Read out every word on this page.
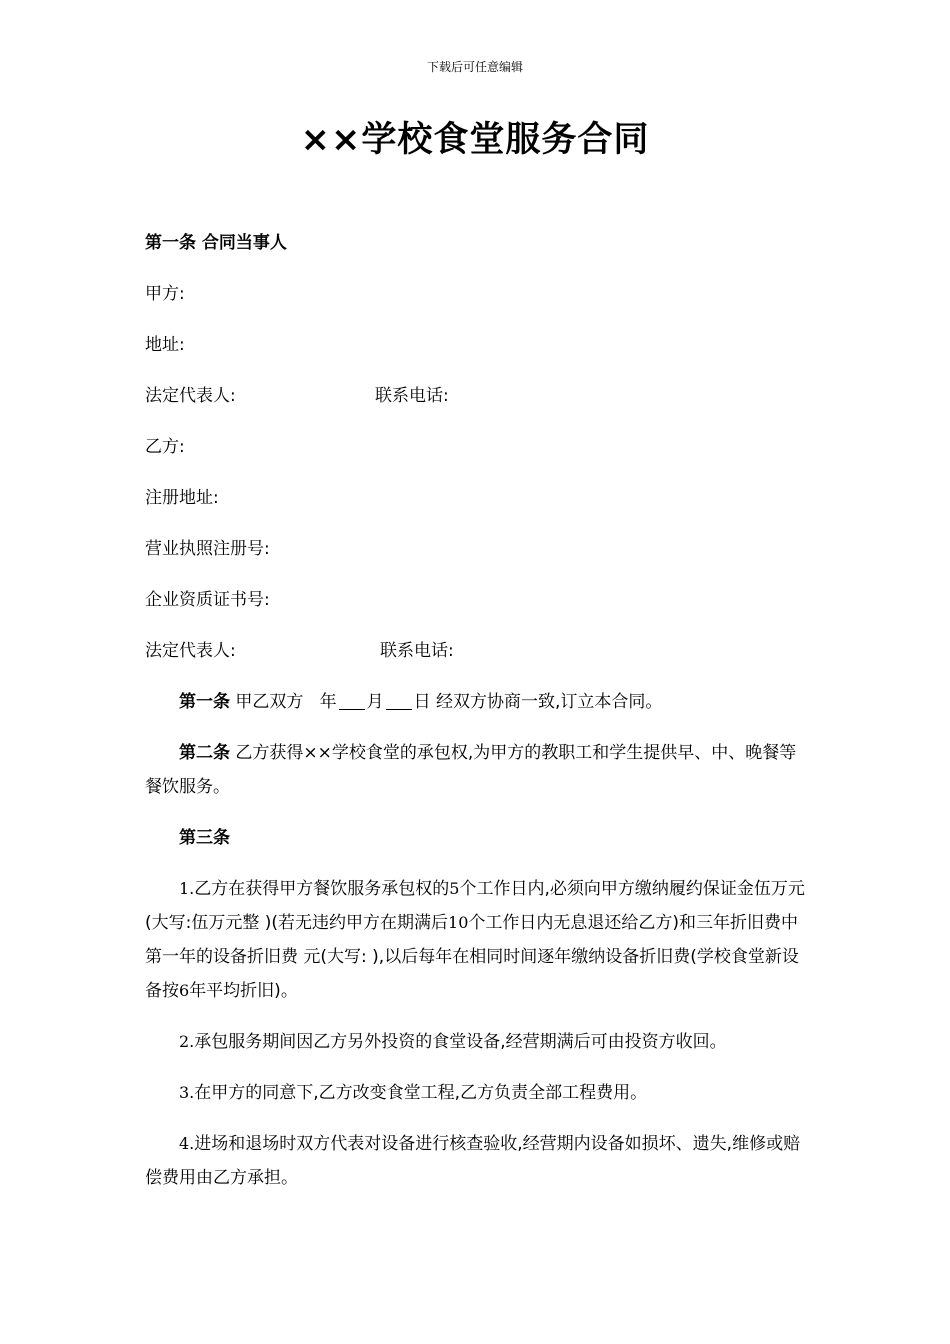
下载后可任意编辑
××学校食堂服务合同
第一条 合同当事人
甲方:
地址:
法定代表人:	联系电话:
乙方:
注册地址:
营业执照注册号:
企业资质证书号:
法定代表人:	联系电话:
第一条 甲乙双方 年 月 日 经双方协商一致,订立本合同。
第二条 乙方获得××学校食堂的承包权,为甲方的教职工和学生提供早、中、晚餐等餐饮服务。
第三条
1.乙方在获得甲方餐饮服务承包权的5个工作日内,必须向甲方缴纳履约保证金伍万元(大写:伍万元整 )(若无违约甲方在期满后10个工作日内无息退还给乙方)和三年折旧费中第一年的设备折旧费 元(大写: ),以后每年在相同时间逐年缴纳设备折旧费(学校食堂新设备按6年平均折旧)。
2.承包服务期间因乙方另外投资的食堂设备,经营期满后可由投资方收回。
3.在甲方的同意下,乙方改变食堂工程,乙方负责全部工程费用。
4.进场和退场时双方代表对设备进行核查验收,经营期内设备如损坏、遗失,维修或赔偿费用由乙方承担。
